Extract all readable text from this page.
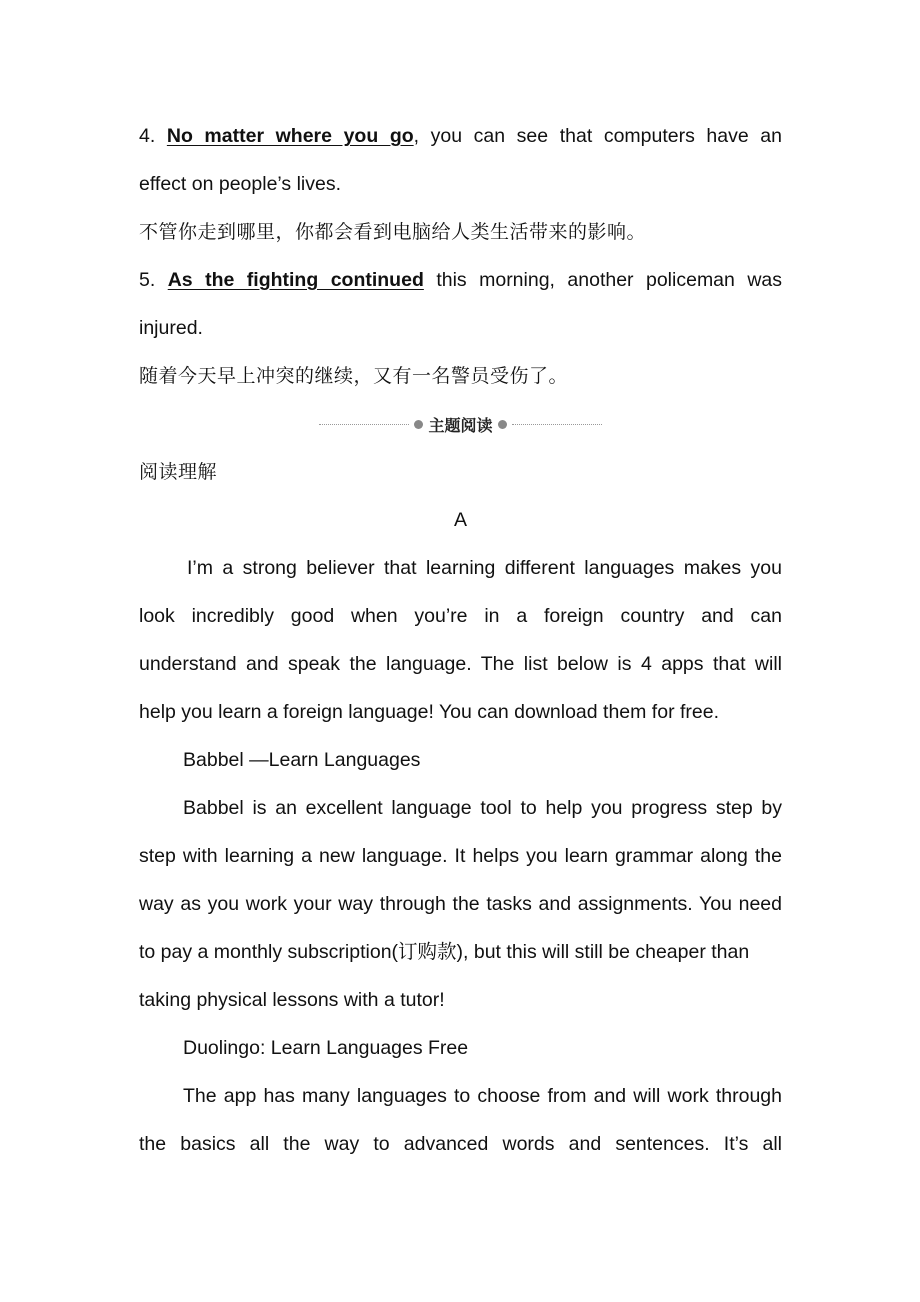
4. No matter where you go, you can see that computers have an
effect on people’s lives.
不管你走到哪里，你都会看到电脑给人类生活带来的影响。
5. As the fighting continued this morning, another policeman was
injured.
随着今天早上冲突的继续，又有一名警员受伤了。
主题阅读
阅读理解
A
I’m a strong believer that learning different languages makes you
look incredibly good when you’re in a foreign country and can
understand and speak the language. The list below is 4 apps that will
help you learn a foreign language! You can download them for free.
Babbel —Learn Languages
Babbel is an excellent language tool to help you progress step by
step with learning a new language. It helps you learn grammar along the
way as you work your way through the tasks and assignments. You need
to pay a monthly subscription(订购款), but this will still be cheaper than
taking physical lessons with a tutor!
Duolingo: Learn Languages Free
The app has many languages to choose from and will work through
the basics all the way to advanced words and sentences. It’s all
